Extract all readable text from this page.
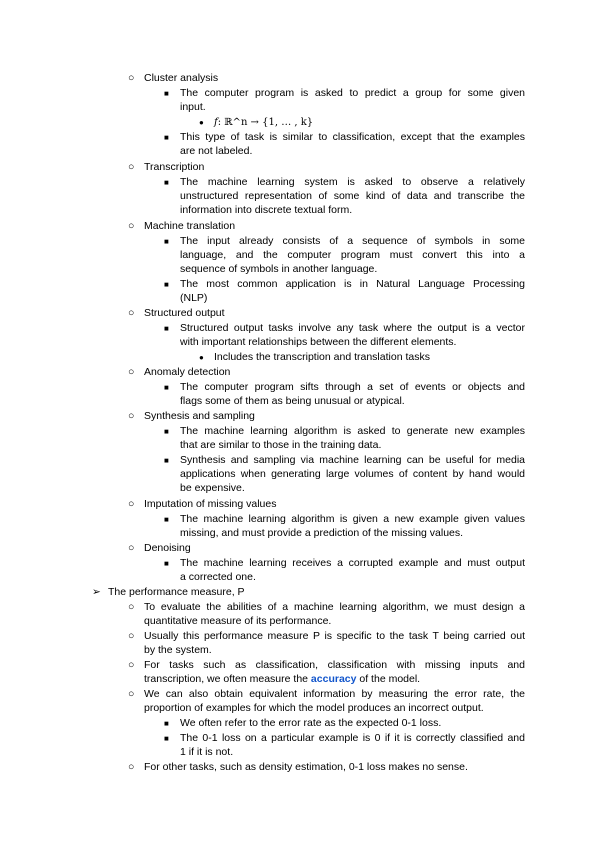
○ Cluster analysis
■ The computer program is asked to predict a group for some given
input.
● f: ℝ^n → {1, … , k}
■ This type of task is similar to classification, except that the examples
are not labeled.
○ Transcription
■ The machine learning system is asked to observe a relatively
unstructured representation of some kind of data and transcribe the
information into discrete textual form.
○ Machine translation
■ The input already consists of a sequence of symbols in some
language, and the computer program must convert this into a
sequence of symbols in another language.
■ The most common application is in Natural Language Processing
(NLP)
○ Structured output
■ Structured output tasks involve any task where the output is a vector
with important relationships between the different elements.
● Includes the transcription and translation tasks
○ Anomaly detection
■ The computer program sifts through a set of events or objects and
flags some of them as being unusual or atypical.
○ Synthesis and sampling
■ The machine learning algorithm is asked to generate new examples
that are similar to those in the training data.
■ Synthesis and sampling via machine learning can be useful for media
applications when generating large volumes of content by hand would
be expensive.
○ Imputation of missing values
■ The machine learning algorithm is given a new example given values
missing, and must provide a prediction of the missing values.
○ Denoising
■ The machine learning receives a corrupted example and must output
a corrected one.
➢ The performance measure, P
○ To evaluate the abilities of a machine learning algorithm, we must design a
quantitative measure of its performance.
○ Usually this performance measure P is specific to the task T being carried out
by the system.
○ For tasks such as classification, classification with missing inputs and
transcription, we often measure the accuracy of the model.
○ We can also obtain equivalent information by measuring the error rate, the
proportion of examples for which the model produces an incorrect output.
■ We often refer to the error rate as the expected 0-1 loss.
■ The 0-1 loss on a particular example is 0 if it is correctly classified and
1 if it is not.
○ For other tasks, such as density estimation, 0-1 loss makes no sense.
